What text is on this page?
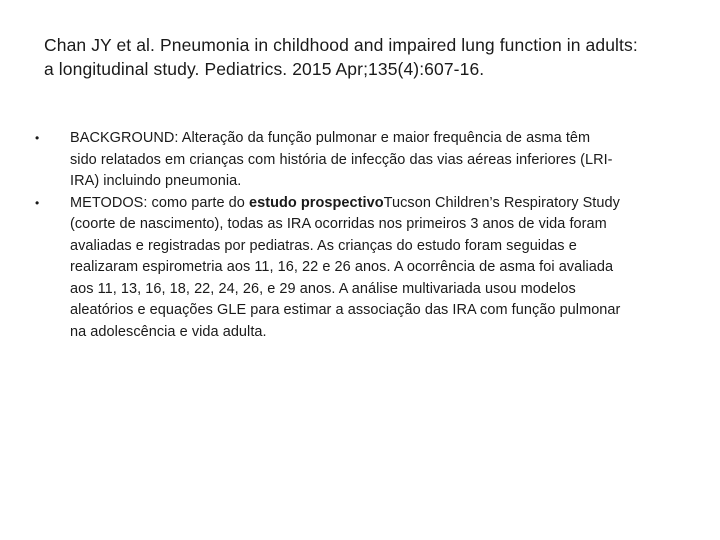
Chan JY et al. Pneumonia in childhood and impaired lung function in adults:
a longitudinal study. Pediatrics. 2015 Apr;135(4):607-16.
• BACKGROUND: Alteração da função pulmonar e maior frequência de asma têm
sido relatados em crianças com história de infecção das vias aéreas inferiores (LRI-
IRA) incluindo pneumonia.
• METODOS: como parte do estudo prospectivoTucson Children’s Respiratory Study
(coorte de nascimento), todas as IRA ocorridas nos primeiros 3 anos de vida foram
avaliadas e registradas por pediatras. As crianças do estudo foram seguidas e
realizaram espirometria aos 11, 16, 22 e 26 anos. A ocorrência de asma foi avaliada
aos 11, 13, 16, 18, 22, 24, 26, e 29 anos. A análise multivariada usou modelos
aleatórios e equações GLE para estimar a associação das IRA com função pulmonar
na adolescência e vida adulta.
